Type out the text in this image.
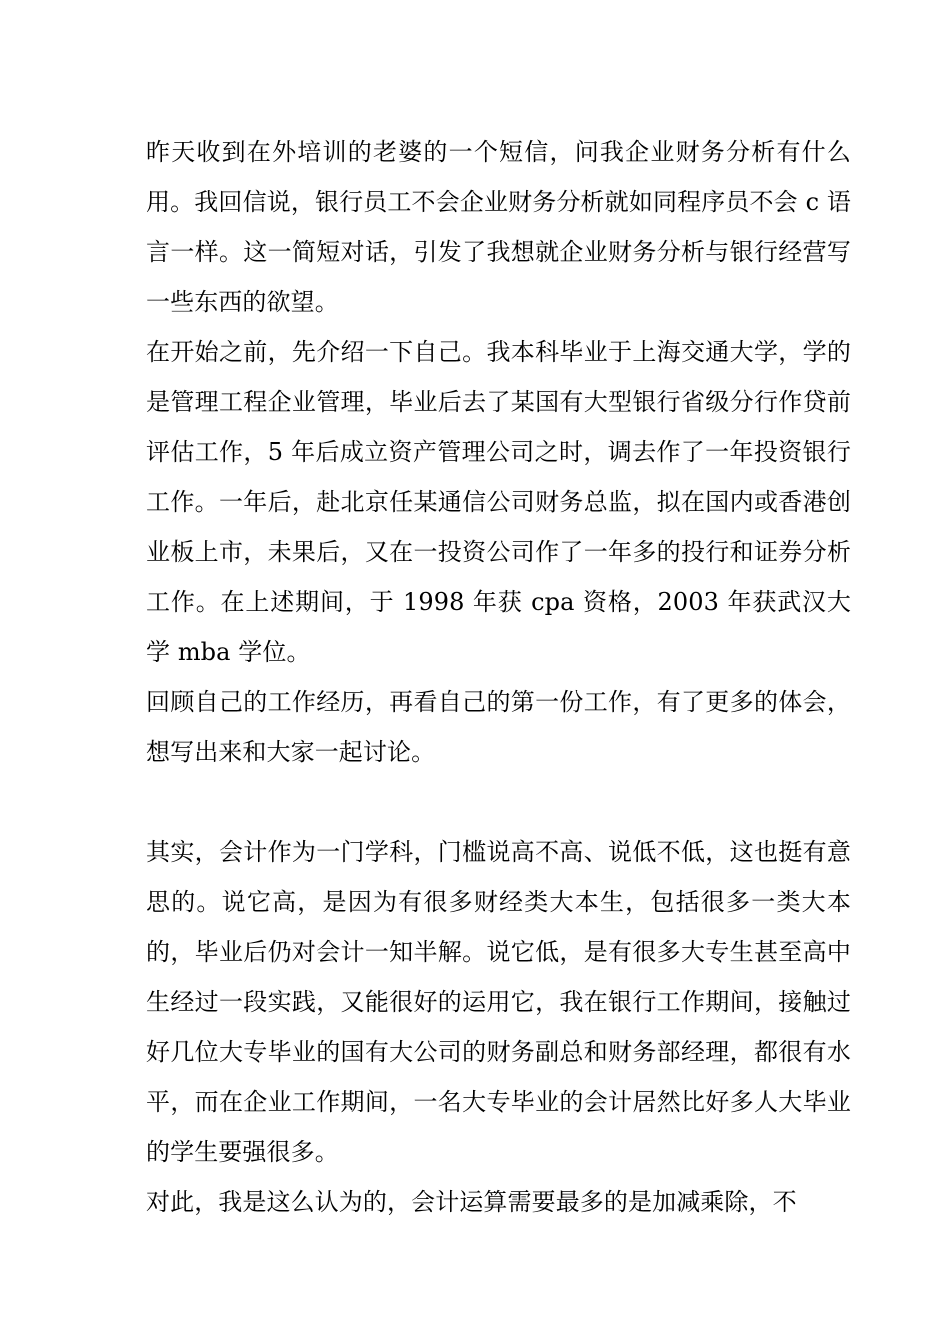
昨天收到在外培训的老婆的一个短信，问我企业财务分析有什么用。我回信说，银行员工不会企业财务分析就如同程序员不会 c 语言一样。这一简短对话，引发了我想就企业财务分析与银行经营写一些东西的欲望。

在开始之前，先介绍一下自己。我本科毕业于上海交通大学，学的是管理工程企业管理，毕业后去了某国有大型银行省级分行作贷前评估工作，5 年后成立资产管理公司之时，调去作了一年投资银行工作。一年后，赴北京任某通信公司财务总监，拟在国内或香港创业板上市，未果后，又在一投资公司作了一年多的投行和证券分析工作。在上述期间，于 1998 年获 cpa 资格，2003 年获武汉大学 mba 学位。

回顾自己的工作经历，再看自己的第一份工作，有了更多的体会，想写出来和大家一起讨论。

其实，会计作为一门学科，门槛说高不高、说低不低，这也挺有意思的。说它高，是因为有很多财经类大本生，包括很多一类大本的，毕业后仍对会计一知半解。说它低，是有很多大专生甚至高中生经过一段实践，又能很好的运用它，我在银行工作期间，接触过好几位大专毕业的国有大公司的财务副总和财务部经理，都很有水平，而在企业工作期间，一名大专毕业的会计居然比好多人大毕业的学生要强很多。

对此，我是这么认为的，会计运算需要最多的是加减乘除，不
